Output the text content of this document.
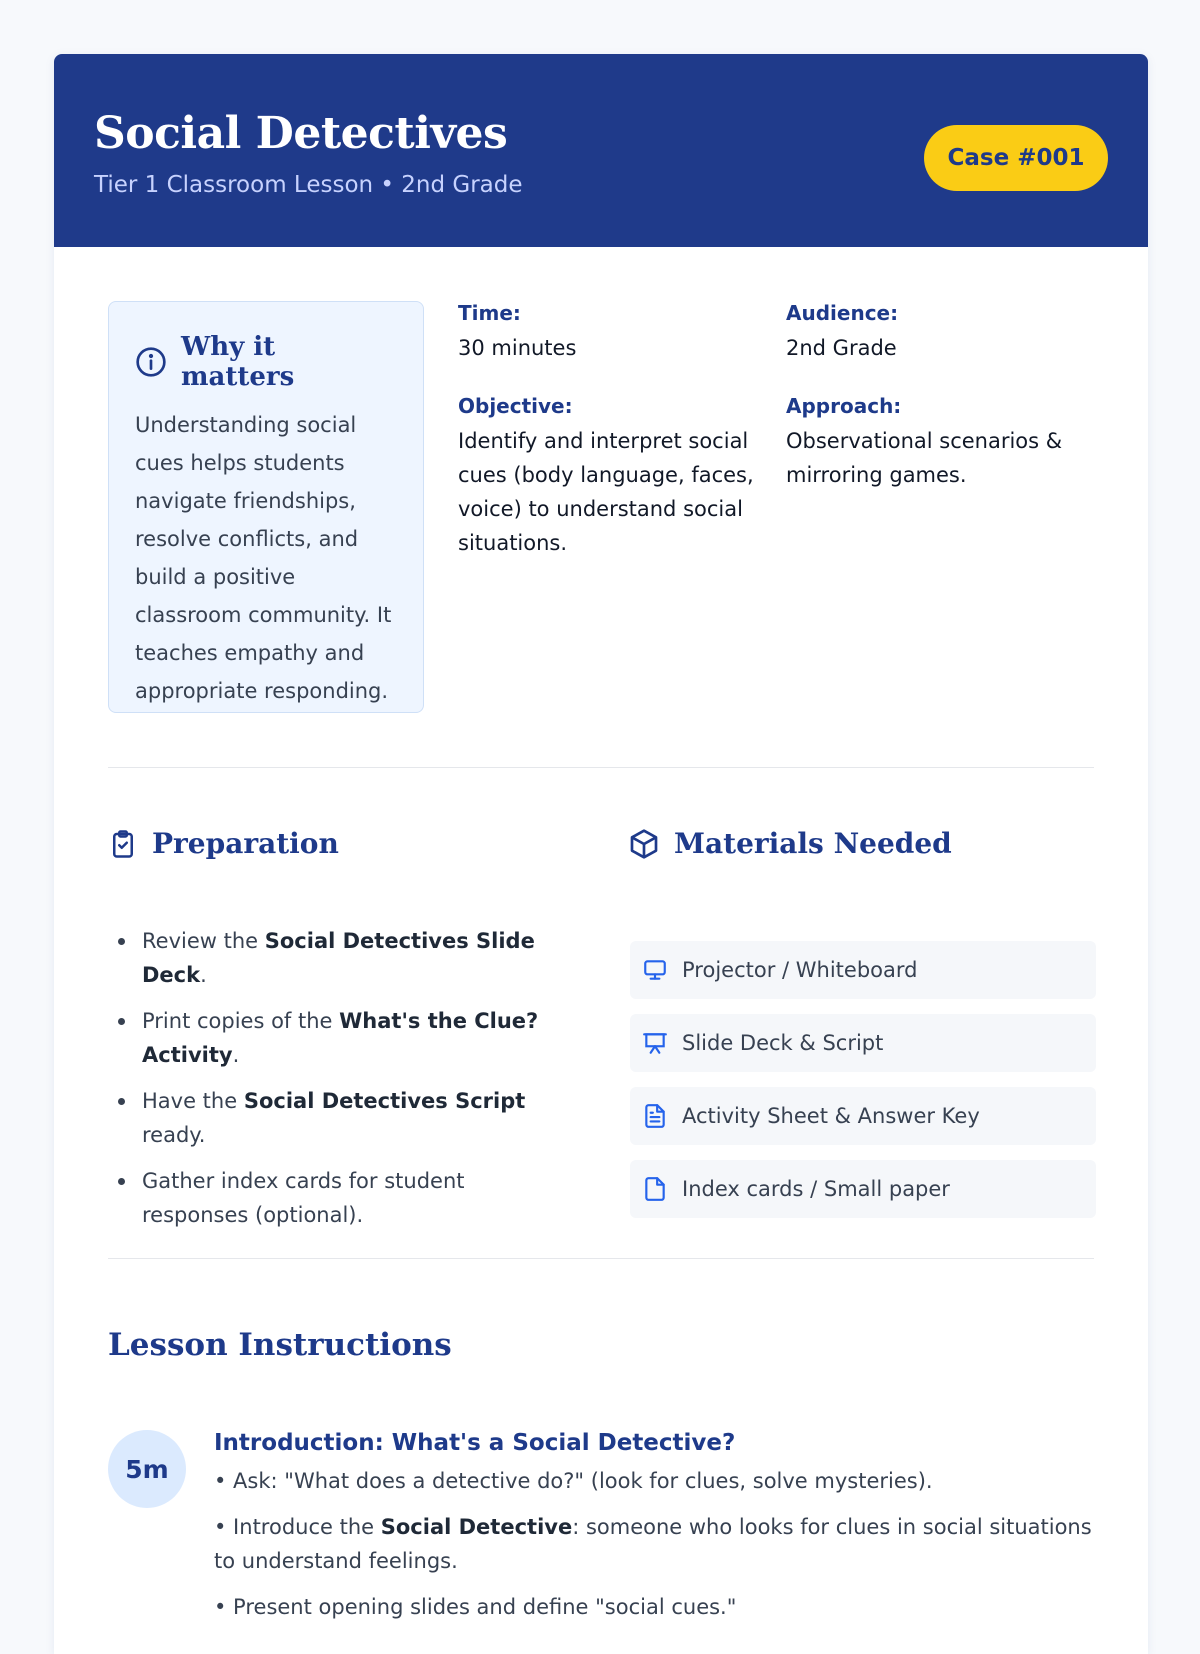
Social Detectives
Tier 1 Classroom Lesson • 2nd Grade
Case #001
Why it matters

Understanding social cues helps students navigate friendships, resolve conflicts, and build a positive classroom community. It teaches empathy and appropriate responding.

Time:
30 minutes
Audience:
2nd Grade
Objective:
Identify and interpret social cues (body language, faces, voice) to understand social situations.
Approach:
Observational scenarios & mirroring games.
Preparation
Review the Social Detectives Slide Deck.
Print copies of the What's the Clue? Activity.
Have the Social Detectives Script ready.
Gather index cards for student responses (optional).
Materials Needed
Projector / Whiteboard
Slide Deck & Script
Activity Sheet & Answer Key
Index cards / Small paper
Lesson Instructions
5m
Introduction: What's a Social Detective?

• Ask: "What does a detective do?" (look for clues, solve mysteries).

• Introduce the Social Detective: someone who looks for clues in social situations to understand feelings.

• Present opening slides and define "social cues."
